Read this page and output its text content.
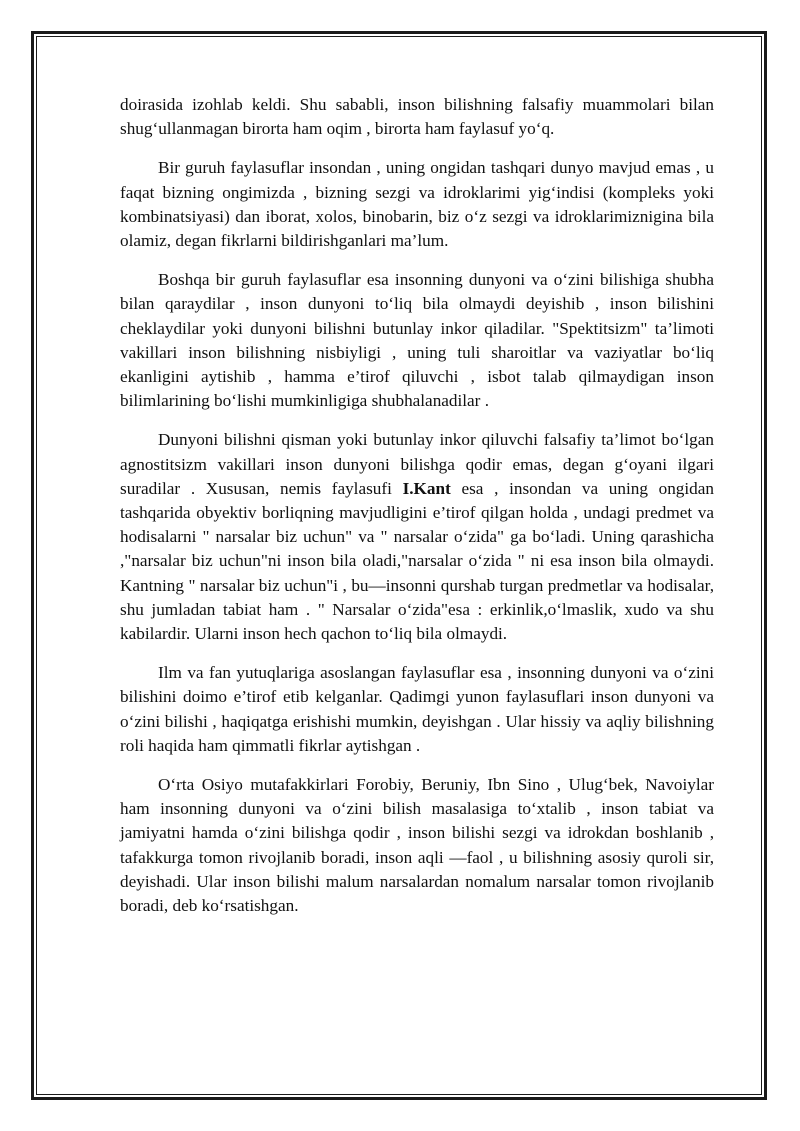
doirasida izohlab keldi. Shu sababli, inson bilishning falsafiy muammolari bilan shug‘ullanmagan birorta ham oqim , birorta ham faylasuf yo‘q.

Bir guruh faylasuflar insondan , uning ongidan tashqari dunyo mavjud emas , u faqat bizning ongimizda , bizning sezgi va idroklarimi yig‘indisi (kompleks yoki kombinatsiyasi) dan iborat, xolos, binobarin, biz o‘z sezgi va idroklarimiznigina bila olamiz, degan fikrlarni bildirishganlari ma’lum.

Boshqa bir guruh faylasuflar esa insonning dunyoni va o‘zini bilishiga shubha bilan qaraydilar , inson dunyoni to‘liq bila olmaydi deyishib , inson bilishini cheklaydilar yoki dunyoni bilishni butunlay inkor qiladilar. "Spektitsizm" ta’limoti vakillari inson bilishning nisbiyligi , uning tuli sharoitlar va vaziyatlar bo‘liq ekanligini aytishib , hamma e’tirof qiluvchi , isbot talab qilmaydigan inson bilimlarining bo‘lishi mumkinligiga shubhalanadilar .

Dunyoni bilishni qisman yoki butunlay inkor qiluvchi falsafiy ta’limot bo‘lgan agnostitsizm vakillari inson dunyoni bilishga qodir emas, degan g‘oyani ilgari suradilar . Xususan, nemis faylasufi I.Kant esa , insondan va uning ongidan tashqarida obyektiv borliqning mavjudligini e’tirof qilgan holda , undagi predmet va hodisalarni " narsalar biz uchun" va " narsalar o‘zida" ga bo‘ladi. Uning qarashicha ,"narsalar biz uchun"ni inson bila oladi,"narsalar o‘zida " ni esa inson bila olmaydi. Kantning " narsalar biz uchun"i , bu—insonni qurshab turgan predmetlar va hodisalar, shu jumladan tabiat ham . " Narsalar o‘zida"esa : erkinlik,o‘lmaslik, xudo va shu kabilardir. Ularni inson hech qachon to‘liq bila olmaydi.

Ilm va fan yutuqlariga asoslangan faylasuflar esa , insonning dunyoni va o‘zini bilishini doimo e’tirof etib kelganlar. Qadimgi yunon faylasuflari inson dunyoni va o‘zini bilishi , haqiqatga erishishi mumkin, deyishgan . Ular hissiy va aqliy bilishning roli haqida ham qimmatli fikrlar aytishgan .

O‘rta Osiyo mutafakkirlari Forobiy, Beruniy, Ibn Sino , Ulug‘bek, Navoiylar ham insonning dunyoni va o‘zini bilish masalasiga to‘xtalib , inson tabiat va jamiyatni hamda o‘zini bilishga qodir , inson bilishi sezgi va idrokdan boshlanib , tafakkurga tomon rivojlanib boradi, inson aqli —faol , u bilishning asosiy quroli sir, deyishadi. Ular inson bilishi malum narsalardan nomalum narsalar tomon rivojlanib boradi, deb ko‘rsatishgan.
